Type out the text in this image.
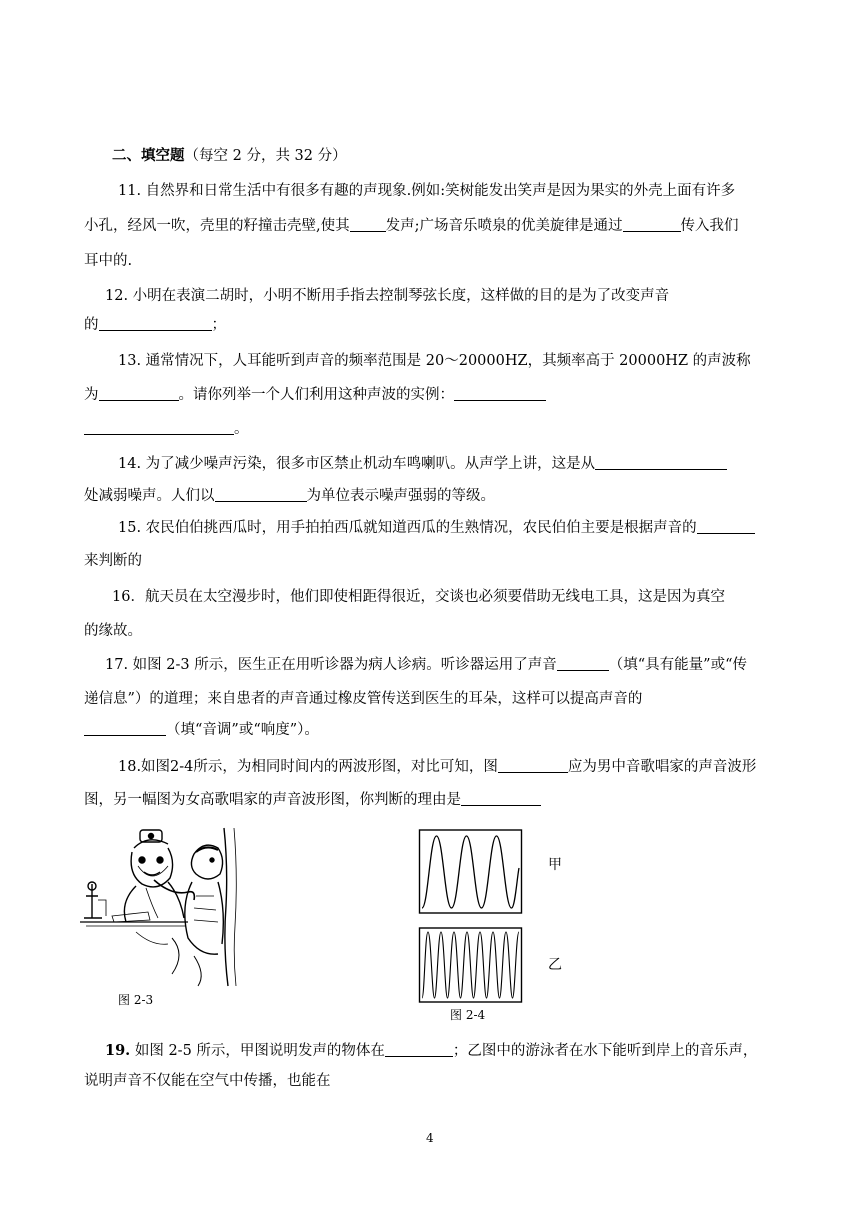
二、填空题（每空 2 分，共 32 分）
11. 自然界和日常生活中有很多有趣的声现象.例如:笑树能发出笑声是因为果实的外壳上面有许多
小孔，经风一吹，壳里的籽撞击壳壁,使其 发声;广场音乐喷泉的优美旋律是通过	传入我们
耳中的.
12. 小明在表演二胡时，小明不断用手指去控制琴弦长度，这样做的目的是为了改变声音
的	；
13. 通常情况下，人耳能听到声音的频率范围是 20～20000HZ，其频率高于 20000HZ 的声波称
为	。请你列举一个人们利用这种声波的实例：
。
14. 为了减少噪声污染，很多市区禁止机动车鸣喇叭。从声学上讲，这是从
处减弱噪声。人们以	为单位表示噪声强弱的等级。
15. 农民伯伯挑西瓜时，用手拍拍西瓜就知道西瓜的生熟情况，农民伯伯主要是根据声音的
来判断的
16．航天员在太空漫步时，他们即使相距得很近，交谈也必须要借助无线电工具，这是因为真空
的缘故。
17. 如图 2-3 所示，医生正在用听诊器为病人诊病。听诊器运用了声音	（填“具有能量”或“传
递信息”）的道理；来自患者的声音通过橡皮管传送到医生的耳朵，这样可以提高声音的
（填“音调”或“响度”）。
18.如图2-4所示，为相同时间内的两波形图，对比可知，图	应为男中音歌唱家的声音波形
图，另一幅图为女高歌唱家的声音波形图，你判断的理由是
图 2-3
甲
乙
图 2-4
19. 如图 2-5 所示，甲图说明发声的物体在	；乙图中的游泳者在水下能听到岸上的音乐声，
说明声音不仅能在空气中传播，也能在
4
